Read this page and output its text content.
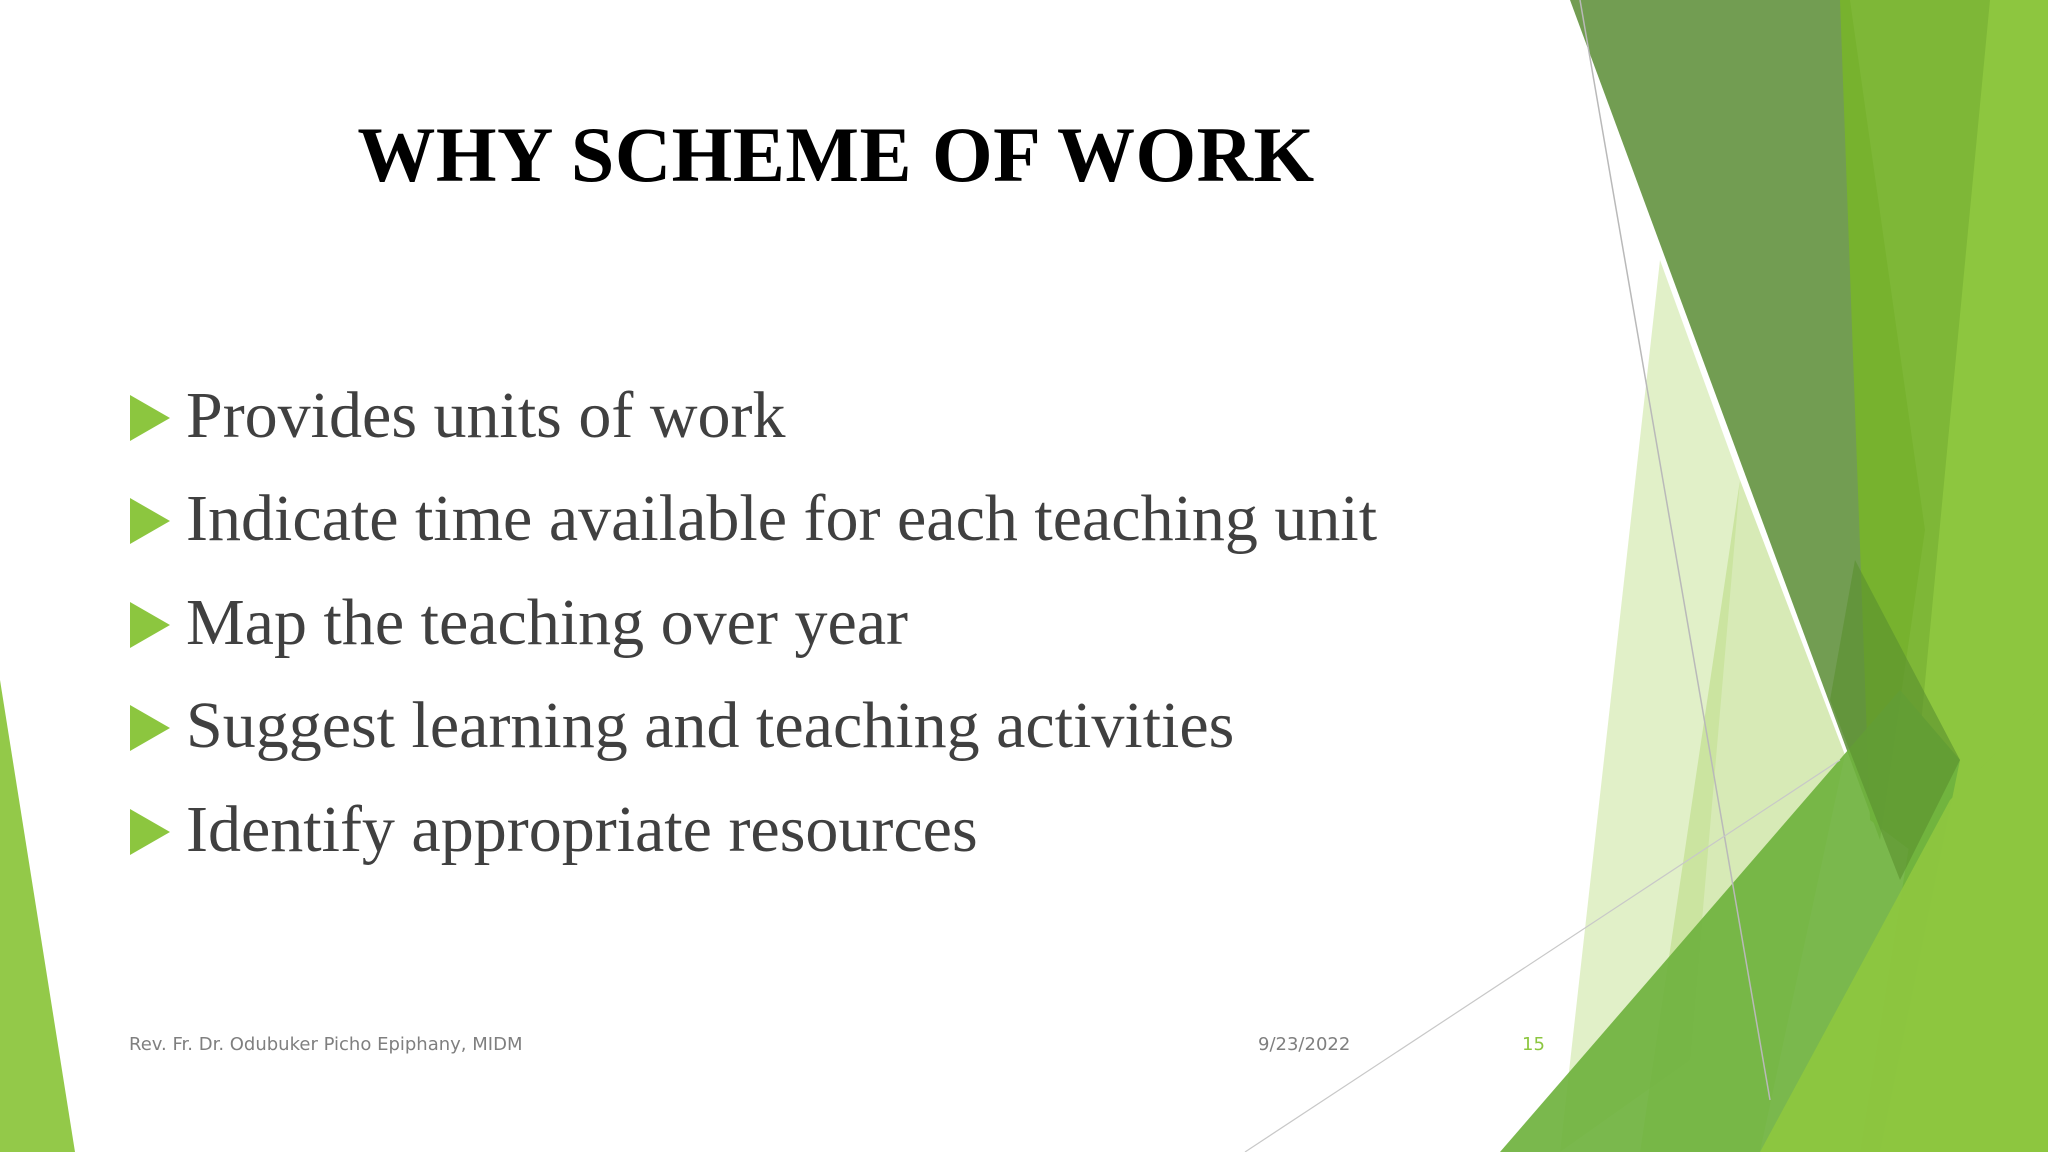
WHY SCHEME OF WORK
Provides units of work
Indicate time available for each teaching unit
Map the teaching over year
Suggest learning and teaching activities
Identify appropriate resources
Rev. Fr. Dr. Odubuker Picho Epiphany, MIDM	9/23/2022	15
